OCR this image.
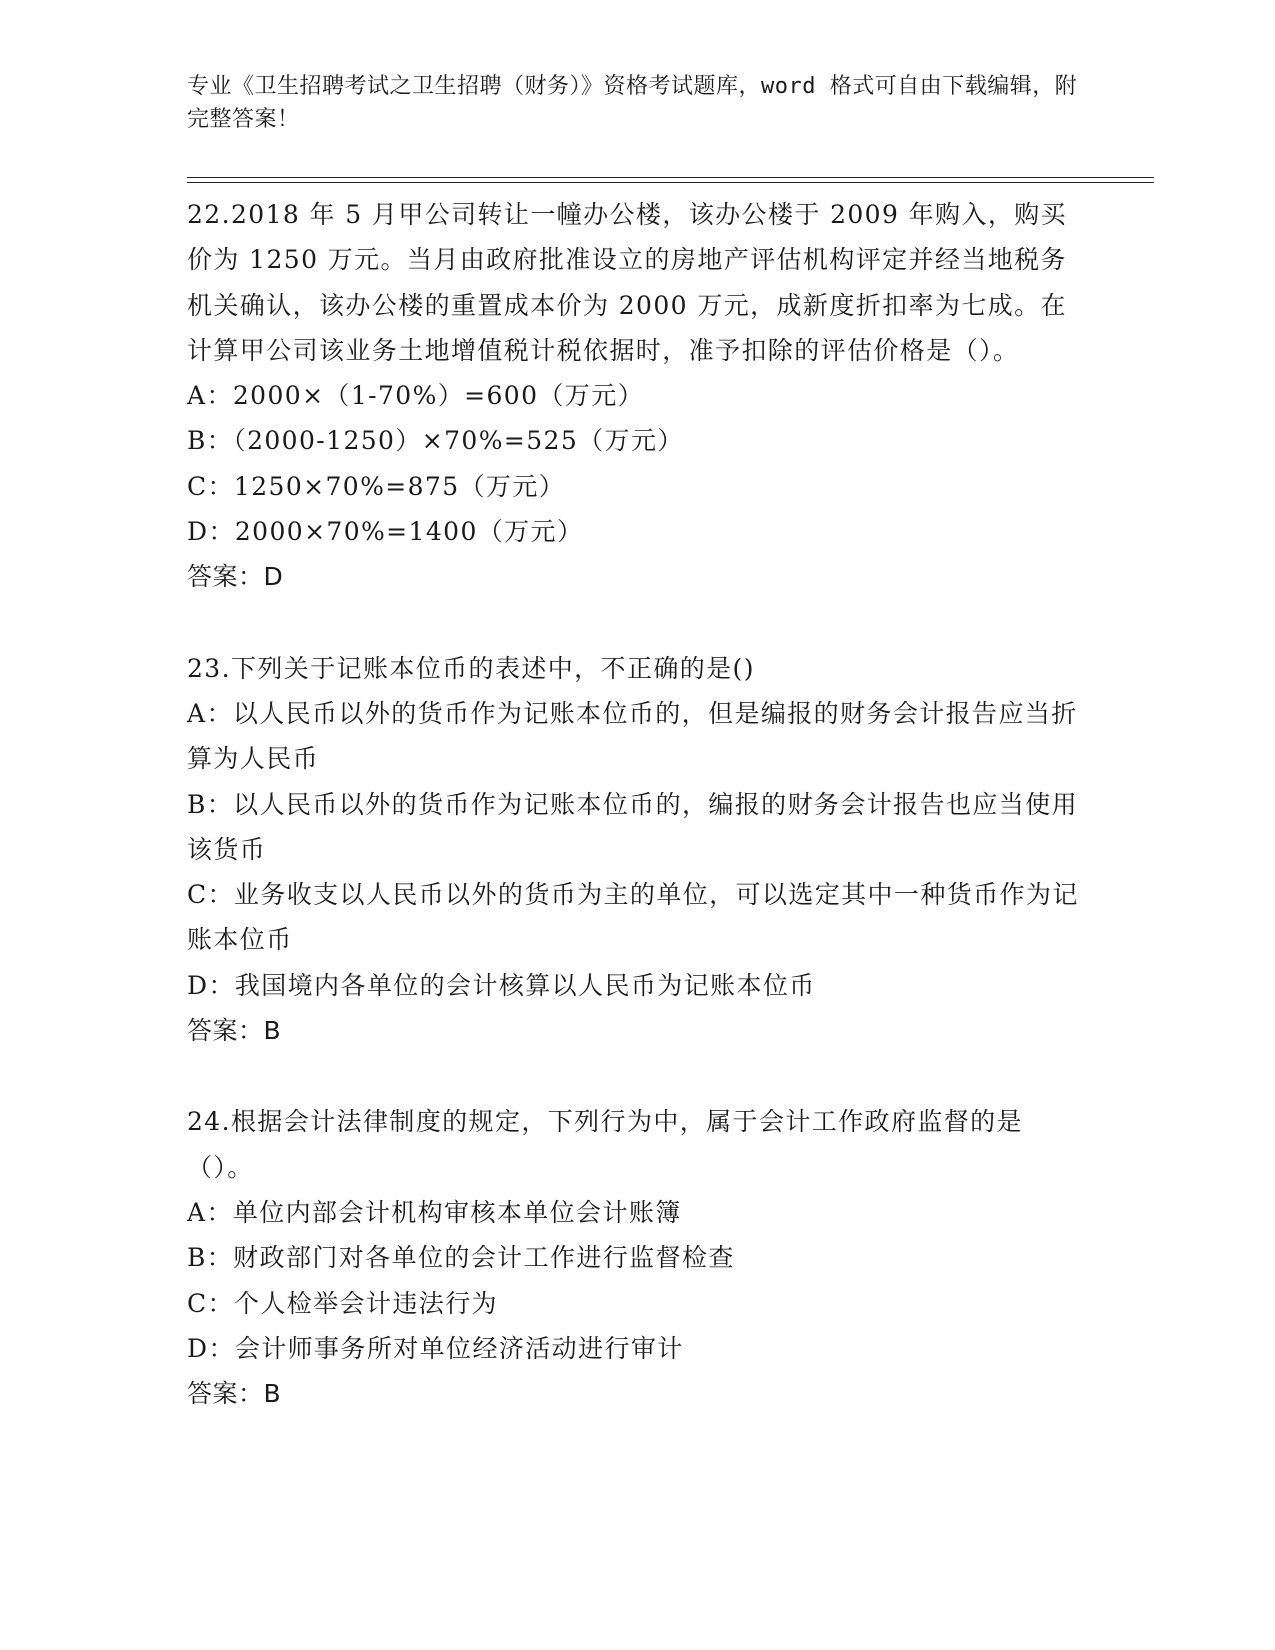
专业《卫生招聘考试之卫生招聘（财务）》资格考试题库，word 格式可自由下载编辑，附完整答案！

22.2018 年 5 月甲公司转让一幢办公楼，该办公楼于 2009 年购入，购买价为 1250 万元。当月由政府批准设立的房地产评估机构评定并经当地税务机关确认，该办公楼的重置成本价为 2000 万元，成新度折扣率为七成。在计算甲公司该业务土地增值税计税依据时，准予扣除的评估价格是（）。

A：2000×（1-70%）=600（万元）

B：（2000-1250）×70%=525（万元）

C：1250×70%=875（万元）

D：2000×70%=1400（万元）

答案：D

23.下列关于记账本位币的表述中，不正确的是()

A：以人民币以外的货币作为记账本位币的，但是编报的财务会计报告应当折算为人民币

B：以人民币以外的货币作为记账本位币的，编报的财务会计报告也应当使用该货币

C：业务收支以人民币以外的货币为主的单位，可以选定其中一种货币作为记账本位币

D：我国境内各单位的会计核算以人民币为记账本位币

答案：B

24.根据会计法律制度的规定，下列行为中，属于会计工作政府监督的是（）。

A：单位内部会计机构审核本单位会计账簿

B：财政部门对各单位的会计工作进行监督检查

C：个人检举会计违法行为

D：会计师事务所对单位经济活动进行审计

答案：B
